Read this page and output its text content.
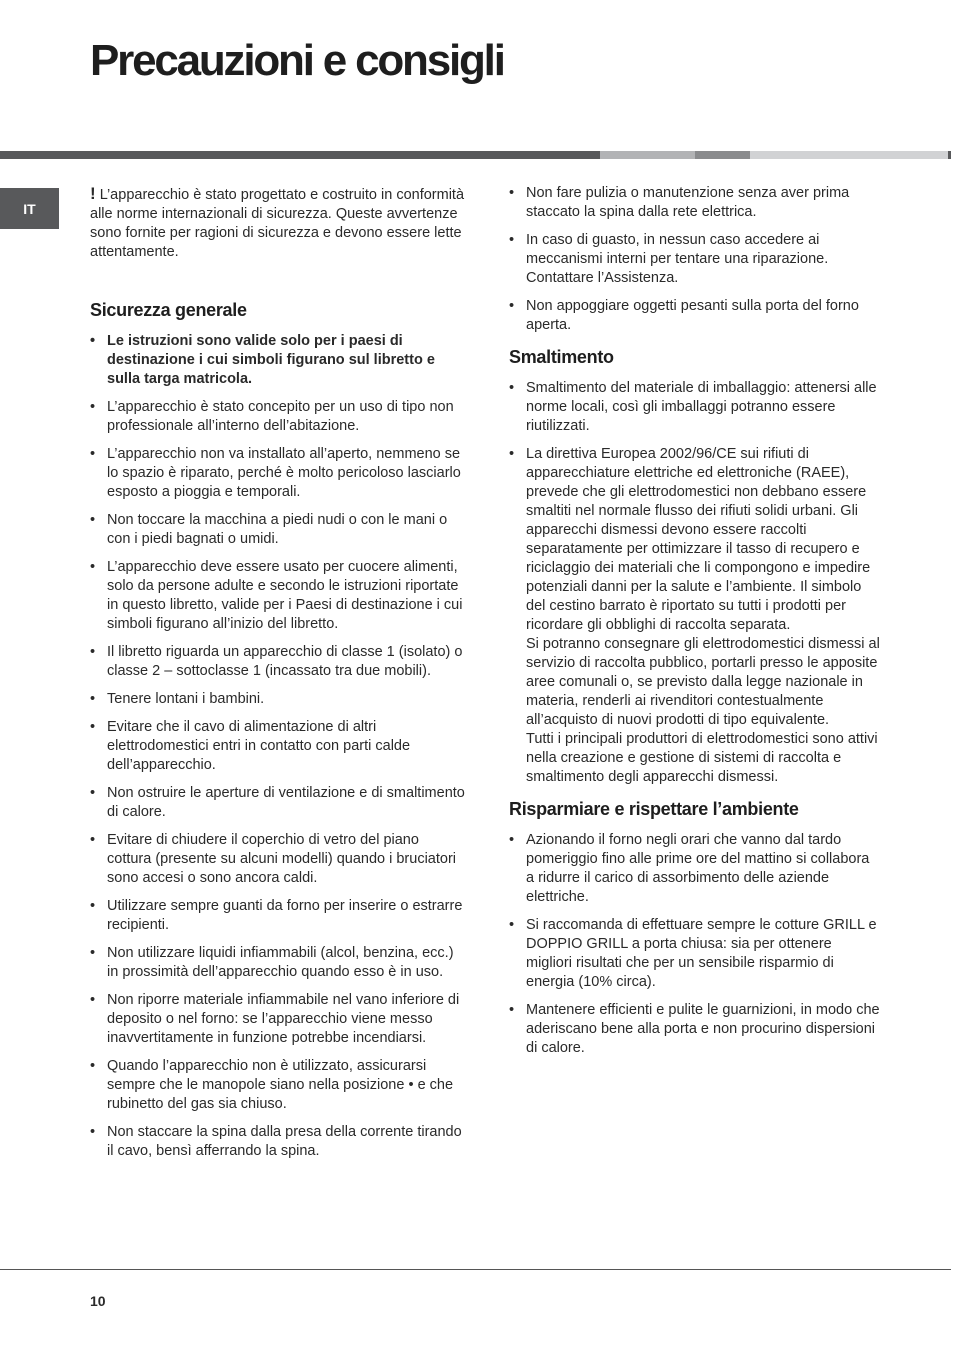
Precauzioni e consigli
IT

! L’apparecchio è stato progettato e costruito in conformità alle norme internazionali di sicurezza. Queste avvertenze sono fornite per ragioni di sicurezza e devono essere lette attentamente.

Sicurezza generale
• Le istruzioni sono valide solo per i paesi di destinazione i cui simboli figurano sul libretto e sulla targa matricola.
• L’apparecchio è stato concepito per un uso di tipo non professionale all’interno dell’abitazione.
• L’apparecchio non va installato all’aperto, nemmeno se lo spazio è riparato, perché è molto pericoloso lasciarlo esposto a pioggia e temporali.
• Non toccare la macchina a piedi nudi o con le mani o con i piedi bagnati o umidi.
• L’apparecchio deve essere usato per cuocere alimenti, solo da persone adulte e secondo le istruzioni riportate in questo libretto, valide per i Paesi di destinazione i cui simboli figurano all’inizio del libretto.
• Il libretto riguarda un apparecchio di classe 1 (isolato) o classe 2 – sottoclasse 1 (incassato tra due mobili).
• Tenere lontani i bambini.
• Evitare che il cavo di alimentazione di altri elettrodomestici entri in contatto con parti calde dell’apparecchio.
• Non ostruire le aperture di ventilazione e di smaltimento di calore.
• Evitare di chiudere il coperchio di vetro del piano cottura (presente su alcuni modelli) quando i bruciatori sono accesi o sono ancora caldi.
• Utilizzare sempre guanti da forno per inserire o estrarre recipienti.
• Non utilizzare liquidi infiammabili (alcol, benzina, ecc.) in prossimità dell’apparecchio quando esso è in uso.
• Non riporre materiale infiammabile nel vano inferiore di deposito o nel forno: se l’apparecchio viene messo inavvertitamente in funzione potrebbe incendiarsi.
• Quando l’apparecchio non è utilizzato, assicurarsi sempre che le manopole siano nella posizione • e che rubinetto del gas sia chiuso.
• Non staccare la spina dalla presa della corrente tirando il cavo, bensì afferrando la spina.
• Non fare pulizia o manutenzione senza aver prima staccato la spina dalla rete elettrica.
• In caso di guasto, in nessun caso accedere ai meccanismi interni per tentare una riparazione. Contattare l’Assistenza.
• Non appoggiare oggetti pesanti sulla porta del forno aperta.
Smaltimento
• Smaltimento del materiale di imballaggio: attenersi alle norme locali, così gli imballaggi potranno essere riutilizzati.
• La direttiva Europea 2002/96/CE sui rifiuti di apparecchiature elettriche ed elettroniche (RAEE), prevede che gli elettrodomestici non debbano essere smaltiti nel normale flusso dei rifiuti solidi urbani. Gli apparecchi dismessi devono essere raccolti separatamente per ottimizzare il tasso di recupero e riciclaggio dei materiali che li compongono e impedire potenziali danni per la salute e l’ambiente. Il simbolo del cestino barrato è riportato su tutti i prodotti per ricordare gli obblighi di raccolta separata.
Si potranno consegnare gli elettrodomestici dismessi al servizio di raccolta pubblico, portarli presso le apposite aree comunali o, se previsto dalla legge nazionale in materia, renderli ai rivenditori contestualmente all’acquisto di nuovi prodotti di tipo equivalente.
Tutti i principali produttori di elettrodomestici sono attivi nella creazione e gestione di sistemi di raccolta e smaltimento degli apparecchi dismessi.
Risparmiare e rispettare l’ambiente
• Azionando il forno negli orari che vanno dal tardo pomeriggio fino alle prime ore del mattino si collabora a ridurre il carico di assorbimento delle aziende elettriche.
• Si raccomanda di effettuare sempre le cotture GRILL e DOPPIO GRILL a porta chiusa: sia per ottenere migliori risultati che per un sensibile risparmio di energia (10% circa).
• Mantenere efficienti e pulite le guarnizioni, in modo che aderiscano bene alla porta e non procurino dispersioni di calore.
10
